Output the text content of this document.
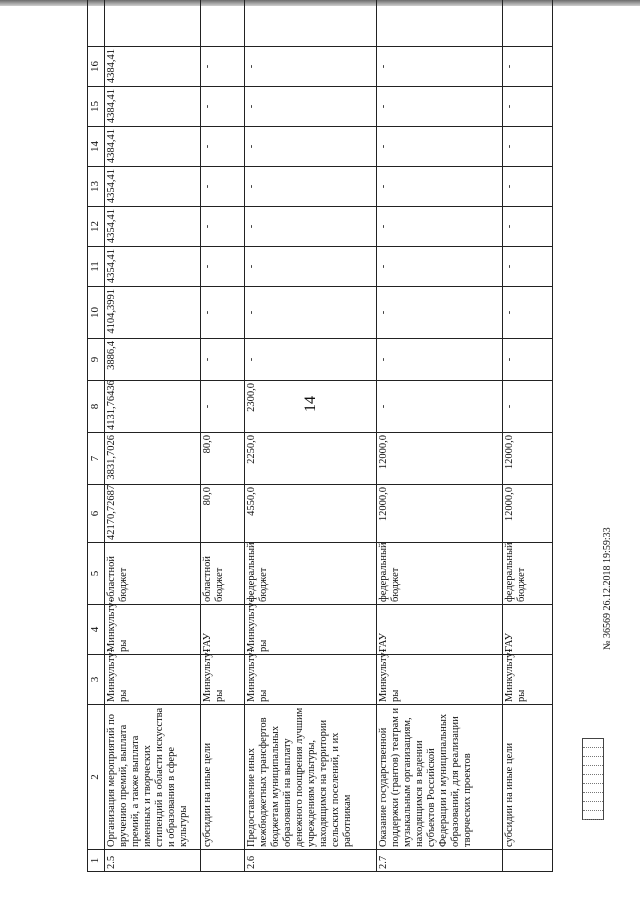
14
1	2	3	4	5	6	7	8	9	10	11	12	13	14	15	16	
2.5	Организация мероприятий по вручению премий, выплата премий, а также выплата именных и творческих стипендий в области искусства и образования в сфере культуры	Минкульту-ры	Минкульту-ры	областной бюджет	42170,72687	3831,7026	4131,76436	3886,4	4104,3991	4354,41	4354,41	4354,41	4384,41	4384,41	4384,41	
	субсидии на иные цели	Минкульту-ры	ГАУ	областной бюджет	80,0	80,0	-	-	-	-	-	-	-	-	-	
2.6	Предоставление иных межбюджетных трансфертов бюджетам муниципальных образований на выплату денежного поощрения лучшим учреждениям культуры, находящимся на территории сельских поселений, и их работникам	Минкульту-ры	Минкульту-ры	федеральный бюджет	4550,0	2250,0	2300,0	-	-	-	-	-	-	-	-	
2.7	Оказание государственной поддержки (грантов) театрам и музыкальным организациям, находящимся в ведении субъектов Российской Федерации и муниципальных образований, для реализации творческих проектов	Минкульту-ры	ГАУ	федеральный бюджет	12000,0	12000,0	-	-	-	-	-	-	-	-	-	
	субсидии на иные цели	Минкульту-ры	ГАУ	федеральный бюджет	12000,0	12000,0	-	-	-	-	-	-	-	-	-	
№ 36569 26.12.2018 19:59:33
